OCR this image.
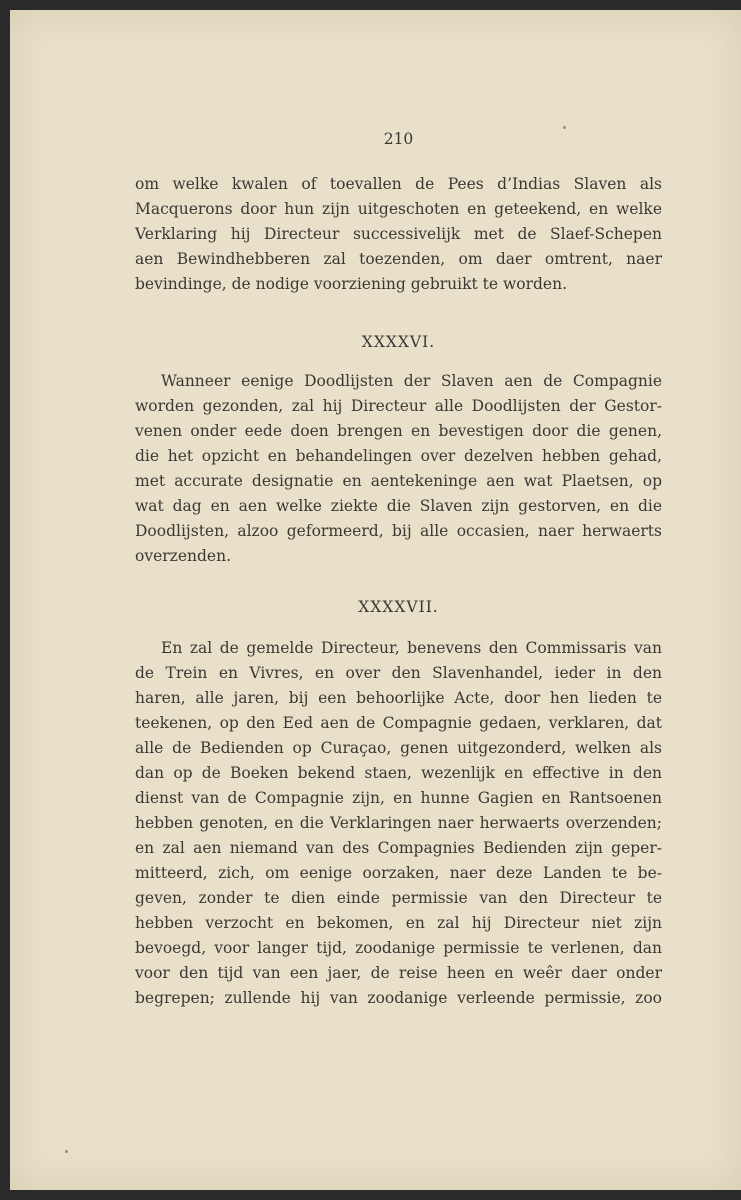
210
om welke kwalen of toevallen de Pees d’Indias Slaven als
Macquerons door hun zijn uitgeschoten en geteekend, en welke
Verklaring hij Directeur successivelijk met de Slaef-Schepen
aen Bewindhebberen zal toezenden, om daer omtrent, naer
bevindinge, de nodige voorziening gebruikt te worden.
XXXXVI.
Wanneer eenige Doodlijsten der Slaven aen de Compagnie
worden gezonden, zal hij Directeur alle Doodlijsten der Gestor-
venen onder eede doen brengen en bevestigen door die genen,
die het opzicht en behandelingen over dezelven hebben gehad,
met accurate designatie en aentekeninge aen wat Plaetsen, op
wat dag en aen welke ziekte die Slaven zijn gestorven, en die
Doodlijsten, alzoo geformeerd, bij alle occasien, naer herwaerts
overzenden.
XXXXVII.
En zal de gemelde Directeur, benevens den Commissaris van
de Trein en Vivres, en over den Slavenhandel, ieder in den
haren, alle jaren, bij een behoorlijke Acte, door hen lieden te
teekenen, op den Eed aen de Compagnie gedaen, verklaren, dat
alle de Bedienden op Curaçao, genen uitgezonderd, welken als
dan op de Boeken bekend staen, wezenlijk en effective in den
dienst van de Compagnie zijn, en hunne Gagien en Rantsoenen
hebben genoten, en die Verklaringen naer herwaerts overzenden;
en zal aen niemand van des Compagnies Bedienden zijn geper-
mitteerd, zich, om eenige oorzaken, naer deze Landen te be-
geven, zonder te dien einde permissie van den Directeur te
hebben verzocht en bekomen, en zal hij Directeur niet zijn
bevoegd, voor langer tijd, zoodanige permissie te verlenen, dan
voor den tijd van een jaer, de reise heen en weêr daer onder
begrepen; zullende hij van zoodanige verleende permissie, zoo
